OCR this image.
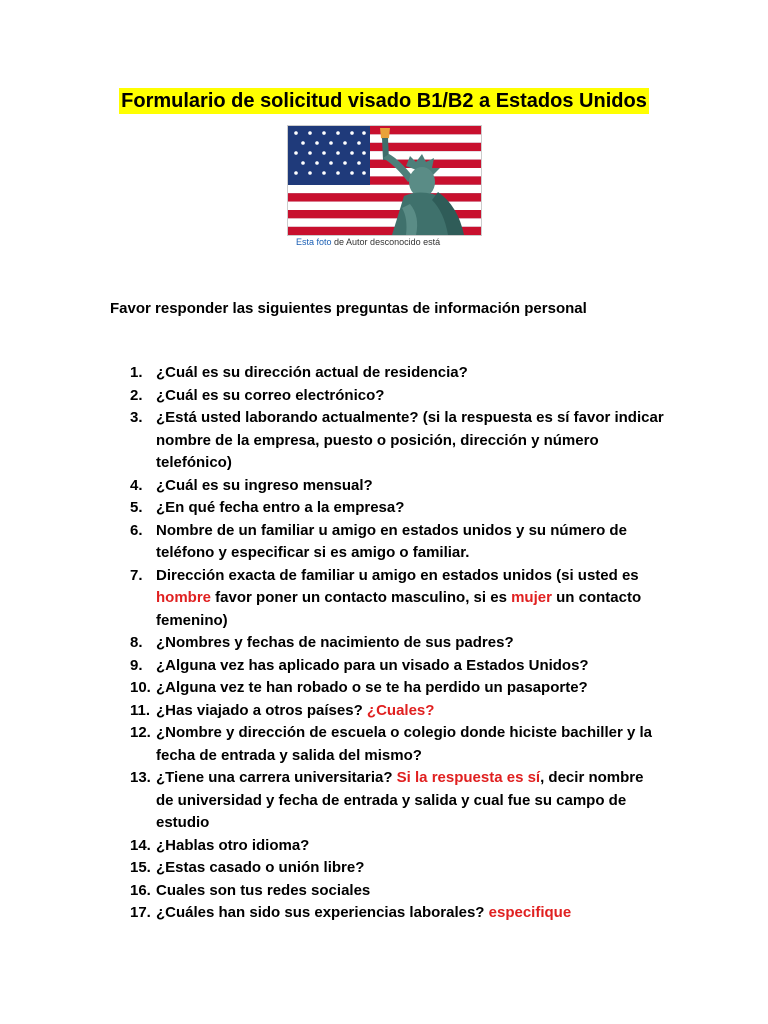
Formulario de solicitud visado B1/B2 a Estados Unidos
Esta foto de Autor desconocido está
Favor responder las siguientes preguntas de información personal
1. ¿Cuál es su dirección actual de residencia?
2. ¿Cuál es su correo electrónico?
3. ¿Está usted laborando actualmente? (si la respuesta es sí favor indicar nombre de la empresa, puesto o posición, dirección y número telefónico)
4. ¿Cuál es su ingreso mensual?
5. ¿En qué fecha entro a la empresa?
6. Nombre de un familiar u amigo en estados unidos y su número de teléfono y especificar si es amigo o familiar.
7. Dirección exacta de familiar u amigo en estados unidos (si usted es hombre favor poner un contacto masculino, si es mujer un contacto femenino)
8. ¿Nombres y fechas de nacimiento de sus padres?
9. ¿Alguna vez has aplicado para un visado a Estados Unidos?
10. ¿Alguna vez te han robado o se te ha perdido un pasaporte?
11. ¿Has viajado a otros países? ¿Cuales?
12. ¿Nombre y dirección de escuela o colegio donde hiciste bachiller y la fecha de entrada y salida del mismo?
13. ¿Tiene una carrera universitaria? Si la respuesta es sí, decir nombre de universidad y fecha de entrada y salida y cual fue su campo de estudio
14. ¿Hablas otro idioma?
15. ¿Estas casado o unión libre?
16. Cuales son tus redes sociales
17. ¿Cuáles han sido sus experiencias laborales? especifique
